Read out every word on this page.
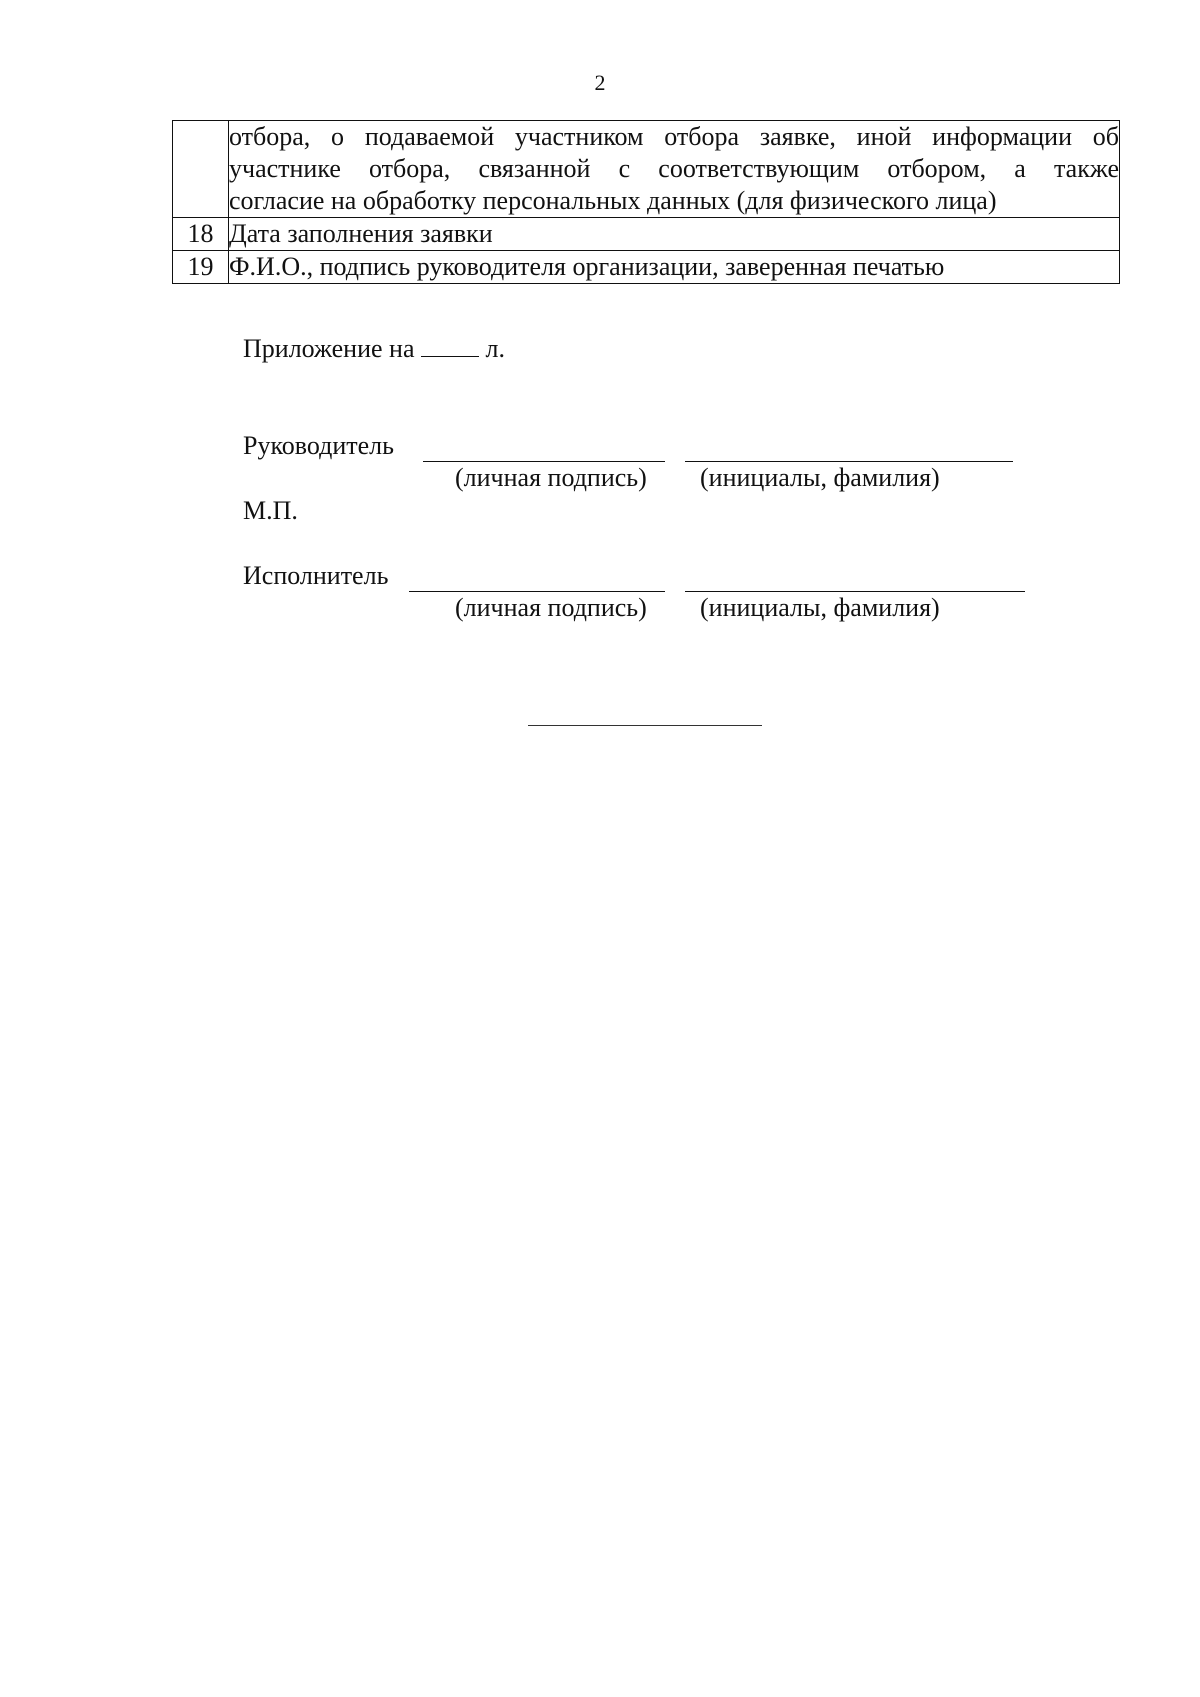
2

	отбора, о подаваемой участником отбора заявке, иной информации об
участнике отбора, связанной с соответствующим отбором, а также
согласие на обработку персональных данных (для физического лица)

18	Дата заполнения заявки
19	Ф.И.О., подпись руководителя организации, заверенная печатью
Приложение на	л.
Руководитель
(личная подпись) (инициалы, фамилия)
М.П.
Исполнитель
(личная подпись) (инициалы, фамилия)
